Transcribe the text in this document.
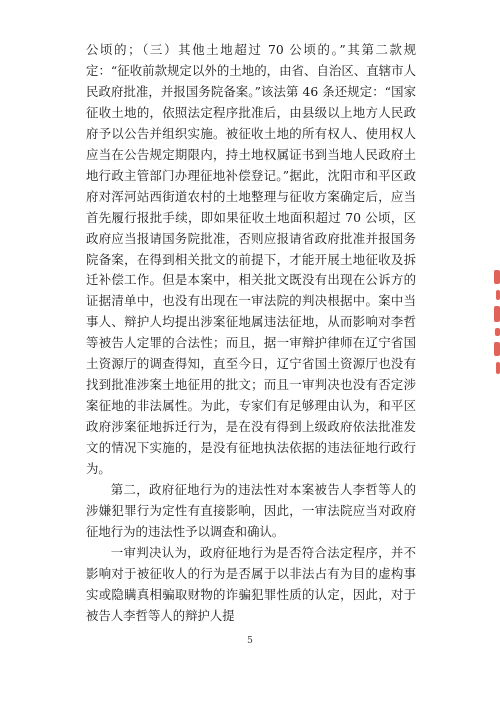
公顷的；（三）其他土地超过 70 公顷的。”其第二款规定：“征收前款规定以外的土地的，由省、自治区、直辖市人民政府批准，并报国务院备案。”该法第 46 条还规定：“国家征收土地的，依照法定程序批准后，由县级以上地方人民政府予以公告并组织实施。被征收土地的所有权人、使用权人应当在公告规定期限内，持土地权属证书到当地人民政府土地行政主管部门办理征地补偿登记。”据此，沈阳市和平区政府对浑河站西街道农村的土地整理与征收方案确定后，应当首先履行报批手续，即如果征收土地面积超过 70 公顷，区政府应当报请国务院批准，否则应报请省政府批准并报国务院备案，在得到相关批文的前提下，才能开展土地征收及拆迁补偿工作。但是本案中，相关批文既没有出现在公诉方的证据清单中，也没有出现在一审法院的判决根据中。案中当事人、辩护人均提出涉案征地属违法征地，从而影响对李哲等被告人定罪的合法性；而且，据一审辩护律师在辽宁省国土资源厅的调查得知，直至今日，辽宁省国土资源厅也没有找到批准涉案土地征用的批文；而且一审判决也没有否定涉案征地的非法属性。为此，专家们有足够理由认为，和平区政府涉案征地拆迁行为，是在没有得到上级政府依法批准发文的情况下实施的，是没有征地执法依据的违法征地行政行为。

第二，政府征地行为的违法性对本案被告人李哲等人的涉嫌犯罪行为定性有直接影响，因此，一审法院应当对政府征地行为的违法性予以调查和确认。

一审判决认为，政府征地行为是否符合法定程序，并不影响对于被征收人的行为是否属于以非法占有为目的虚构事实或隐瞒真相骗取财物的诈骗犯罪性质的认定，因此，对于被告人李哲等人的辩护人提

5
